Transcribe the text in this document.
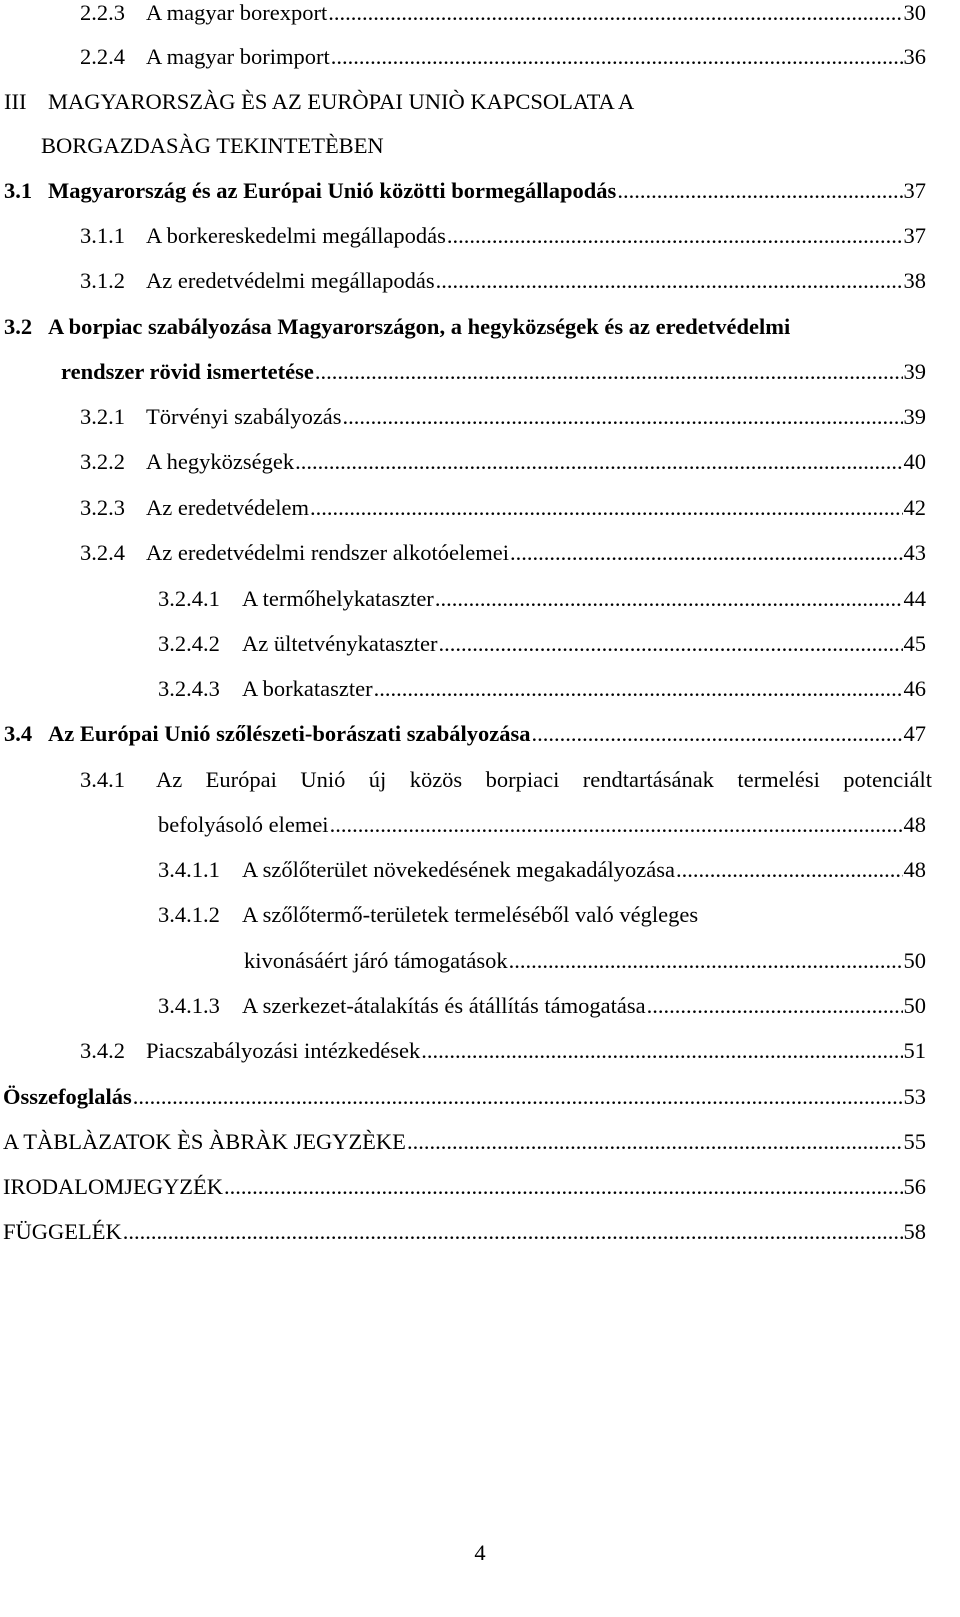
2.2.3 A magyar borexport .....	30
2.2.4 A magyar borimport .....	36
III MAGYARORSZÀG ÈS AZ EURÒPAI UNIÒ KAPCSOLATA A
BORGAZDASÀG TEKINTETÈBEN
3.1 Magyarország és az Európai Unió közötti bormegállapodás .....	37
3.1.1 A borkereskedelmi megállapodás .....	37
3.1.2 Az eredetvédelmi megállapodás .....	38
3.2 A borpiac szabályozása Magyarországon, a hegyközségek és az eredetvédelmi
rendszer rövid ismertetése .....	39
3.2.1 Törvényi szabályozás .....	39
3.2.2 A hegyközségek .....	40
3.2.3 Az eredetvédelem .....	42
3.2.4 Az eredetvédelmi rendszer alkotóelemei .....	43
3.2.4.1 A termőhelykataszter .....	44
3.2.4.2 Az ültetvénykataszter .....	45
3.2.4.3 A borkataszter .....	46
3.4 Az Európai Unió szőlészeti-borászati szabályozása .....	47
3.4.1	Az Európai Unió új közös borpiaci rendtartásának termelési potenciált
befolyásoló elemei .....	48
3.4.1.1 A szőlőterület növekedésének megakadályozása .....	48
3.4.1.2 A szőlőtermő-területek termeléséből való végleges
kivonásáért járó támogatások .....	50
3.4.1.3 A szerkezet-átalakítás és átállítás támogatása .....	50
3.4.2 Piacszabályozási intézkedések .....	51
Összefoglalás .....	53
A TÀBLÀZATOK ÈS ÀBRÀK JEGYZÈKE .....	55
IRODALOMJEGYZÉK .....	56
FÜGGELÉK .....	58
4
